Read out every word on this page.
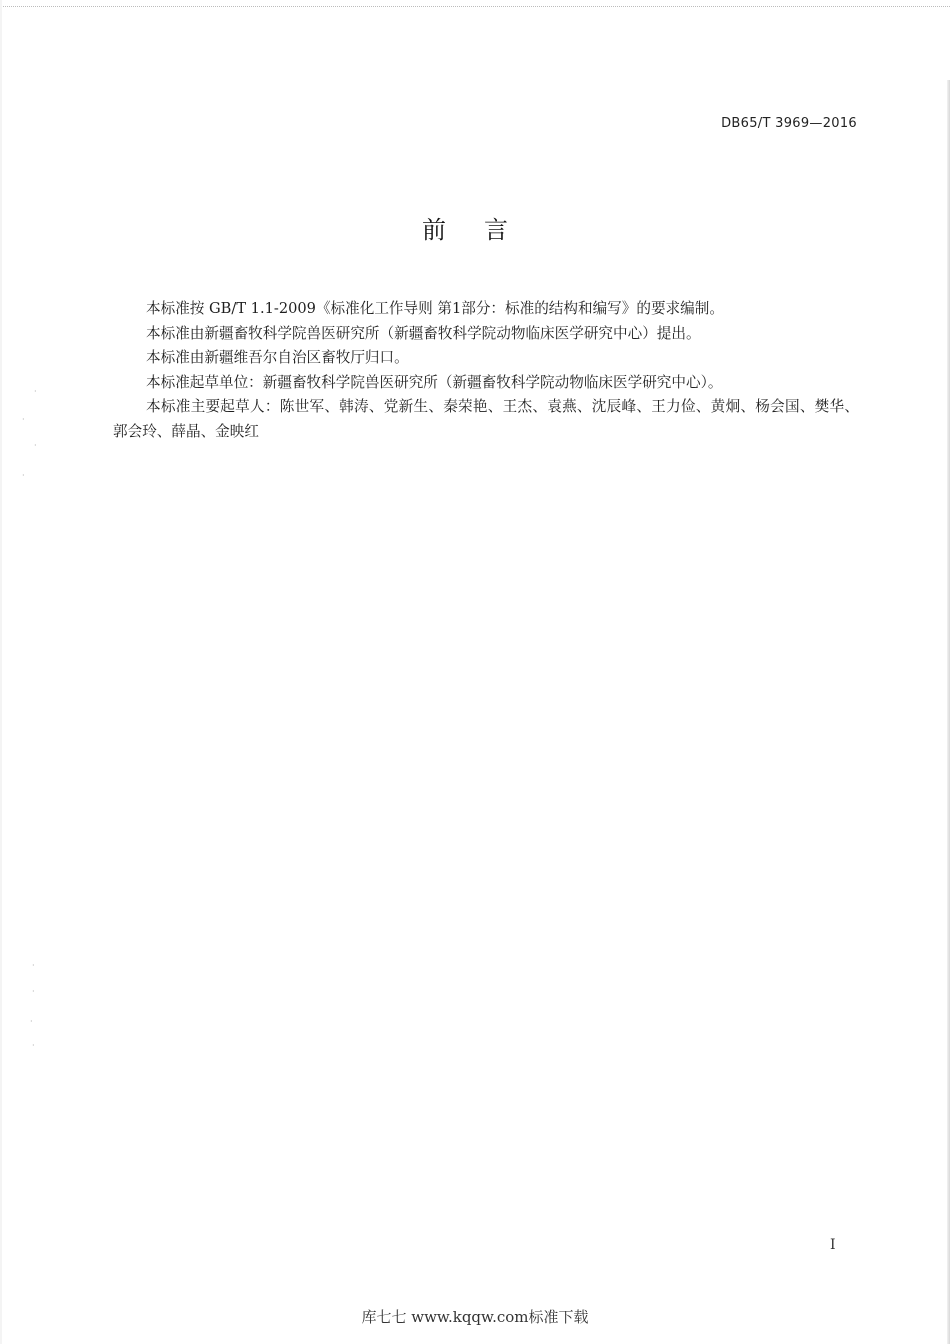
·
·
·
·
·
·
·
·
DB65/T 3969—2016
前言

本标准按 GB/T 1.1-2009《标准化工作导则 第1部分：标准的结构和编写》的要求编制。

本标准由新疆畜牧科学院兽医研究所（新疆畜牧科学院动物临床医学研究中心）提出。

本标准由新疆维吾尔自治区畜牧厅归口。

本标准起草单位：新疆畜牧科学院兽医研究所（新疆畜牧科学院动物临床医学研究中心）。

本标准主要起草人：陈世军、韩涛、党新生、秦荣艳、王杰、袁燕、沈辰峰、王力俭、黄炯、杨会国、樊华、郭会玲、薛晶、金映红

I
库七七 www.kqqw.com标准下载
